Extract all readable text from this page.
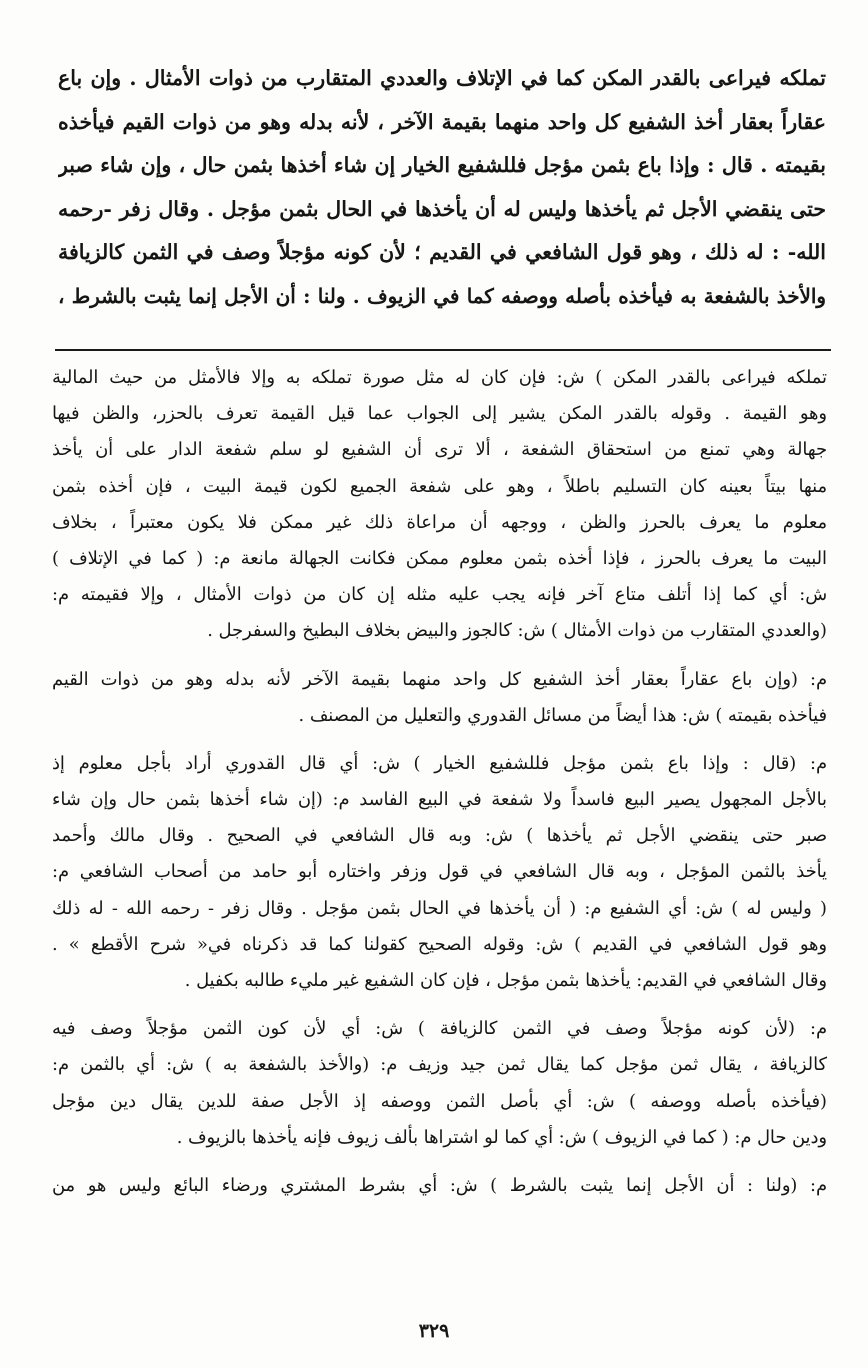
تملكه فيراعى بالقدر المكن كما في الإتلاف والعددي المتقارب من ذوات الأمثال . وإن باع
عقاراً بعقار أخذ الشفيع كل واحد منهما بقيمة الآخر ، لأنه بدله وهو من ذوات القيم فيأخذه
بقيمته . قال : وإذا باع بثمن مؤجل فللشفيع الخيار إن شاء أخذها بثمن حال ، وإن شاء صبر
حتى ينقضي الأجل ثم يأخذها وليس له أن يأخذها في الحال بثمن مؤجل . وقال زفر -رحمه
الله- : له ذلك ، وهو قول الشافعي في القديم ؛ لأن كونه مؤجلاً وصف في الثمن كالزيافة
والأخذ بالشفعة به فيأخذه بأصله ووصفه كما في الزيوف . ولنا : أن الأجل إنما يثبت بالشرط ،
تملكه فيراعى بالقدر المكن ) ش: فإن كان له مثل صورة تملكه به وإلا فالأمثل من حيث المالية
وهو القيمة . وقوله بالقدر المكن يشير إلى الجواب عما قيل القيمة تعرف بالحزر، والظن فيها
جهالة وهي تمنع من استحقاق الشفعة ، ألا ترى أن الشفيع لو سلم شفعة الدار على أن يأخذ
منها بيتاً بعينه كان التسليم باطلاً ، وهو على شفعة الجميع لكون قيمة البيت ، فإن أخذه بثمن
معلوم ما يعرف بالحرز والظن ، ووجهه أن مراعاة ذلك غير ممكن فلا يكون معتبراً ، بخلاف
البيت ما يعرف بالحرز ، فإذا أخذه بثمن معلوم ممكن فكانت الجهالة مانعة م: ( كما في الإتلاف )
ش: أي كما إذا أتلف متاع آخر فإنه يجب عليه مثله إن كان من ذوات الأمثال ، وإلا فقيمته م:
(والعددي المتقارب من ذوات الأمثال ) ش: كالجوز والبيض بخلاف البطيخ والسفرجل .
م: (وإن باع عقاراً بعقار أخذ الشفيع كل واحد منهما بقيمة الآخر لأنه بدله وهو من ذوات القيم
فيأخذه بقيمته ) ش: هذا أيضاً من مسائل القدوري والتعليل من المصنف .
م: (قال : وإذا باع بثمن مؤجل فللشفيع الخيار ) ش: أي قال القدوري أراد بأجل معلوم إذ
بالأجل المجهول يصير البيع فاسداً ولا شفعة في البيع الفاسد م: (إن شاء أخذها بثمن حال وإن شاء
صبر حتى ينقضي الأجل ثم يأخذها ) ش: وبه قال الشافعي في الصحيح . وقال مالك وأحمد
يأخذ بالثمن المؤجل ، وبه قال الشافعي في قول وزفر واختاره أبو حامد من أصحاب الشافعي م:
( وليس له ) ش: أي الشفيع م: ( أن يأخذها في الحال بثمن مؤجل . وقال زفر - رحمه الله - له ذلك
وهو قول الشافعي في القديم ) ش: وقوله الصحيح كقولنا كما قد ذكرناه في« شرح الأقطع » .
وقال الشافعي في القديم: يأخذها بثمن مؤجل ، فإن كان الشفيع غير مليء طالبه بكفيل .
م: (لأن كونه مؤجلاً وصف في الثمن كالزيافة ) ش: أي لأن كون الثمن مؤجلاً وصف فيه
كالزيافة ، يقال ثمن مؤجل كما يقال ثمن جيد وزيف م: (والأخذ بالشفعة به ) ش: أي بالثمن م:
(فيأخذه بأصله ووصفه ) ش: أي بأصل الثمن ووصفه إذ الأجل صفة للدين يقال دين مؤجل
ودين حال م: ( كما في الزيوف ) ش: أي كما لو اشتراها بألف زيوف فإنه يأخذها بالزيوف .
م: (ولنا : أن الأجل إنما يثبت بالشرط ) ش: أي بشرط المشتري ورضاء البائع وليس هو من
٣٢٩
